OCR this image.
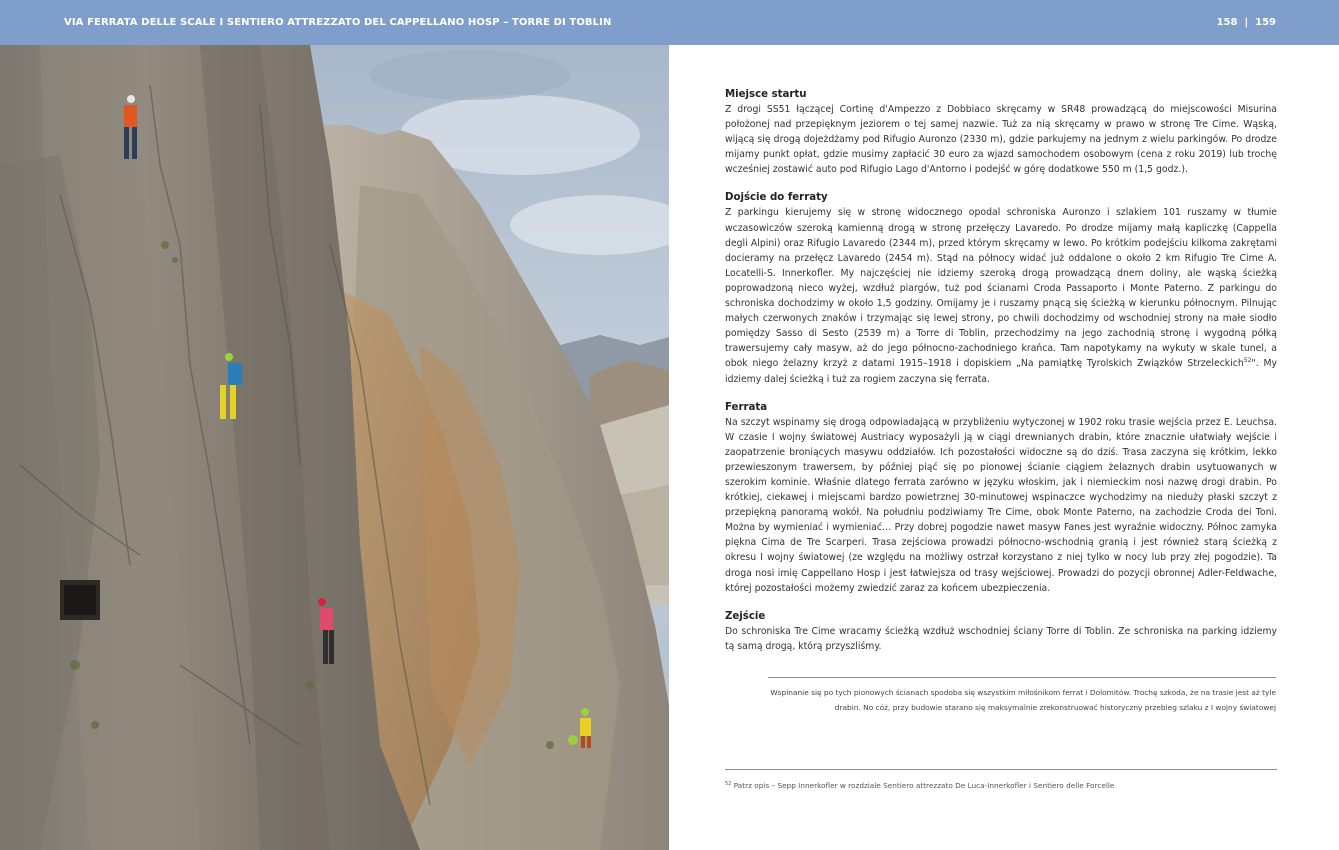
VIA FERRATA DELLE SCALE I SENTIERO ATTREZZATO DEL CAPPELLANO HOSP – TORRE DI TOBLIN	158 | 159
Miejsce startu

Z drogi SS51 łączącej Cortinę d'Ampezzo z Dobbiaco skręcamy w SR48 prowadzącą do miejscowości Misurina położonej nad przepięknym jeziorem o tej samej nazwie. Tuż za nią skręcamy w prawo w stronę Tre Cime. Wąską, wijącą się drogą dojeżdżamy pod Rifugio Auronzo (2330 m), gdzie parkujemy na jednym z wielu parkingów. Po drodze mijamy punkt opłat, gdzie musimy zapłacić 30 euro za wjazd samochodem osobowym (cena z roku 2019) lub trochę wcześniej zostawić auto pod Rifugio Lago d'Antorno i podejść w górę dodatkowe 550 m (1,5 godz.).

Dojście do ferraty

Z parkingu kierujemy się w stronę widocznego opodal schroniska Auronzo i szlakiem 101 ruszamy w tłumie wczasowiczów szeroką kamienną drogą w stronę przełęczy Lavaredo. Po drodze mijamy małą kapliczkę (Cappella degli Alpini) oraz Rifugio Lavaredo (2344 m), przed którym skręcamy w lewo. Po krótkim podejściu kilkoma zakrętami docieramy na przełęcz Lavaredo (2454 m). Stąd na północy widać już oddalone o około 2 km Rifugio Tre Cime A. Locatelli-S. Innerkofler. My najczęściej nie idziemy szeroką drogą prowadzącą dnem doliny, ale wąską ścieżką poprowadzoną nieco wyżej, wzdłuż piargów, tuż pod ścianami Croda Passaporto i Monte Paterno. Z parkingu do schroniska dochodzimy w około 1,5 godziny. Omijamy je i ruszamy pnącą się ścieżką w kierunku północnym. Pilnując małych czerwonych znaków i trzymając się lewej strony, po chwili dochodzimy od wschodniej strony na małe siodło pomiędzy Sasso di Sesto (2539 m) a Torre di Toblin, przechodzimy na jego zachodnią stronę i wygodną półką trawersujemy cały masyw, aż do jego północno-zachodniego krańca. Tam napotykamy na wykuty w skale tunel, a obok niego żelazny krzyż z datami 1915–1918 i dopiskiem „Na pamiątkę Tyrolskich Związków Strzeleckich$^{52}$". My idziemy dalej ścieżką i tuż za rogiem zaczyna się ferrata.

Ferrata

Na szczyt wspinamy się drogą odpowiadającą w przybliżeniu wytyczonej w 1902 roku trasie wejścia przez E. Leuchsa. W czasie I wojny światowej Austriacy wyposażyli ją w ciągi drewnianych drabin, które znacznie ułatwiały wejście i zaopatrzenie broniących masywu oddziałów. Ich pozostałości widoczne są do dziś. Trasa zaczyna się krótkim, lekko przewieszonym trawersem, by później piąć się po pionowej ścianie ciągiem żelaznych drabin usytuowanych w szerokim kominie. Właśnie dlatego ferrata zarówno w języku włoskim, jak i niemieckim nosi nazwę drogi drabin. Po krótkiej, ciekawej i miejscami bardzo powietrznej 30-minutowej wspinaczce wychodzimy na nieduży płaski szczyt z przepiękną panoramą wokół. Na południu podziwiamy Tre Cime, obok Monte Paterno, na zachodzie Croda dei Toni. Można by wymieniać i wymieniać… Przy dobrej pogodzie nawet masyw Fanes jest wyraźnie widoczny. Północ zamyka piękna Cima de Tre Scarperi. Trasa zejściowa prowadzi północno-wschodnią granią i jest również starą ścieżką z okresu I wojny światowej (ze względu na możliwy ostrzał korzystano z niej tylko w nocy lub przy złej pogodzie). Ta droga nosi imię Cappellano Hosp i jest łatwiejsza od trasy wejściowej. Prowadzi do pozycji obronnej Adler-Feldwache, której pozostałości możemy zwiedzić zaraz za końcem ubezpieczenia.

Zejście

Do schroniska Tre Cime wracamy ścieżką wzdłuż wschodniej ściany Torre di Toblin. Ze schroniska na parking idziemy tą samą drogą, którą przyszliśmy.

Wspinanie się po tych pionowych ścianach spodoba się wszystkim miłośnikom ferrat i Dolomitów. Trochę szkoda, że na trasie jest aż tyle drabin. No cóż, przy budowie starano się maksymalnie zrekonstruować historyczny przebieg szlaku z I wojny światowej

$^{52}$ Patrz opis – Sepp Innerkofler w rozdziale Sentiero attrezzato De Luca-Innerkofler i Sentiero delle Forcelle
